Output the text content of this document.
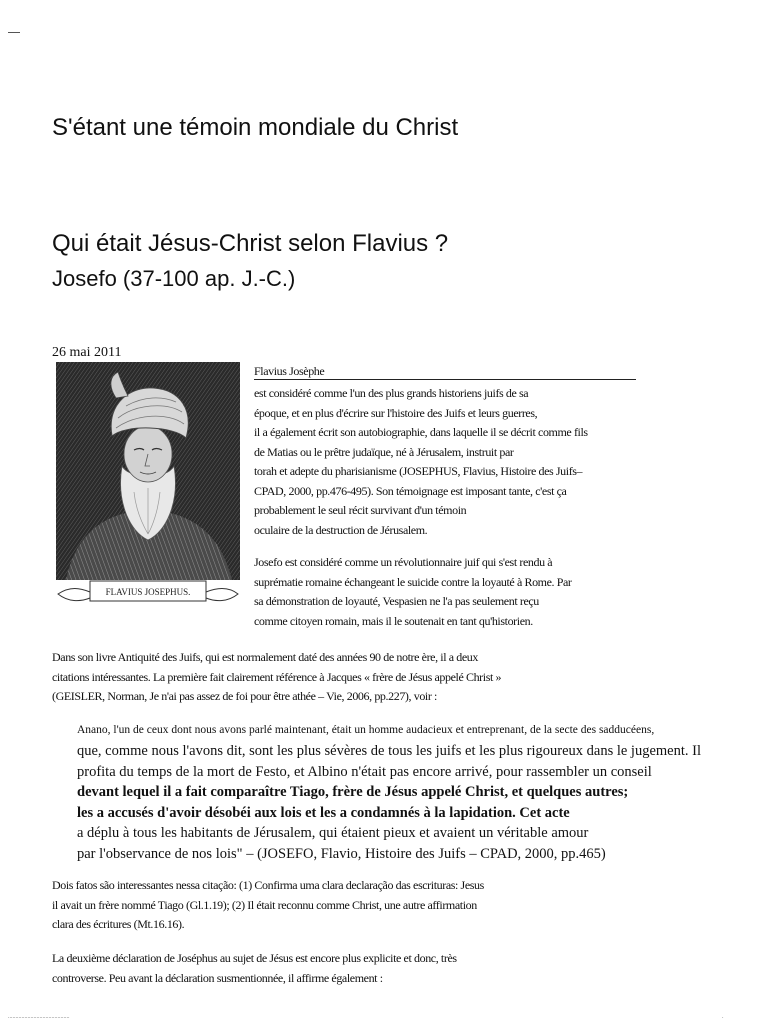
S'étant une témoin mondiale du Christ
Qui était Jésus-Christ selon Flavius ?
Josefo (37-100 ap. J.-C.)
26 mai 2011
FLAVIUS JOSEPHUS.
Flavius Josèphe
est considéré comme l'un des plus grands historiens juifs de sa
époque, et en plus d'écrire sur l'histoire des Juifs et leurs guerres,
il a également écrit son autobiographie, dans laquelle il se décrit comme fils
de Matias ou le prêtre judaïque, né à Jérusalem, instruit par
torah et adepte du pharisianisme (JOSEPHUS, Flavius, Histoire des Juifs–
CPAD, 2000, pp.476-495). Son témoignage est imposant tante, c'est ça
probablement le seul récit survivant d'un témoin
oculaire de la destruction de Jérusalem.
Josefo est considéré comme un révolutionnaire juif qui s'est rendu à
suprématie romaine échangeant le suicide contre la loyauté à Rome. Par
sa démonstration de loyauté, Vespasien ne l'a pas seulement reçu
comme citoyen romain, mais il le soutenait en tant qu'historien.
Dans son livre Antiquité des Juifs, qui est normalement daté des années 90 de notre ère, il a deux
citations intéressantes. La première fait clairement référence à Jacques « frère de Jésus appelé Christ »
(GEISLER, Norman, Je n'ai pas assez de foi pour être athée – Vie, 2006, pp.227), voir :
Anano, l'un de ceux dont nous avons parlé maintenant, était un homme audacieux et entreprenant, de la secte des sadducéens,
que, comme nous l'avons dit, sont les plus sévères de tous les juifs et les plus rigoureux dans le jugement. Il
profita du temps de la mort de Festo, et Albino n'était pas encore arrivé, pour rassembler un conseil
devant lequel il a fait comparaître Tiago, frère de Jésus appelé Christ, et quelques autres;
les a accusés d'avoir désobéi aux lois et les a condamnés à la lapidation. Cet acte
a déplu à tous les habitants de Jérusalem, qui étaient pieux et avaient un véritable amour
par l'observance de nos lois" – (JOSEFO, Flavio, Histoire des Juifs – CPAD, 2000, pp.465)
Dois fatos são interessantes nessa citação: (1) Confirma uma clara declaração das escrituras: Jesus
il avait un frère nommé Tiago (Gl.1.19); (2) Il était reconnu comme Christ, une autre affirmation
clara des écritures (Mt.16.16).
La deuxième déclaration de Joséphus au sujet de Jésus est encore plus explicite et donc, très
controverse. Peu avant la déclaration susmentionnée, il affirme également :
.........................................	.
